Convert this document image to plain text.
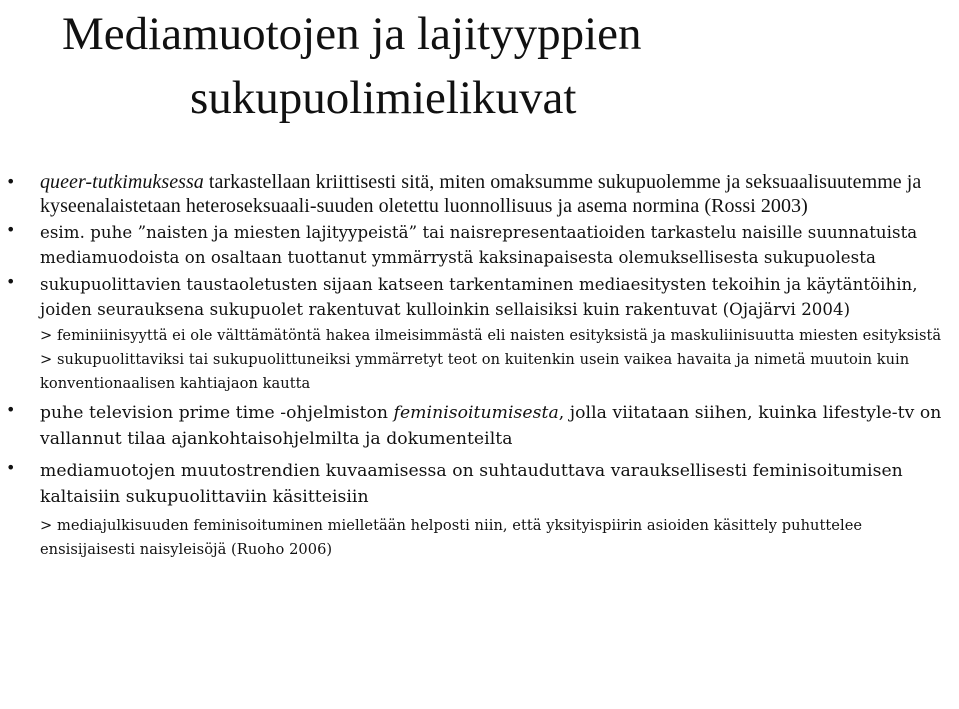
Mediamuotojen ja lajityyppien
sukupuolimielikuvat
• queer-tutkimuksessa tarkastellaan kriittisesti sitä, miten omaksumme sukupuolemme ja seksuaalisuutemme ja kyseenalaistetaan heteroseksuaali-suuden oletettu luonnollisuus ja asema normina (Rossi 2003)
• esim. puhe ”naisten ja miesten lajityypeistä” tai naisrepresentaatioiden tarkastelu naisille suunnatuista mediamuodoista on osaltaan tuottanut ymmärrystä kaksinapaisesta olemuksellisesta sukupuolesta
• sukupuolittavien taustaoletusten sijaan katseen tarkentaminen mediaesitysten tekoihin ja käytäntöihin, joiden seurauksena sukupuolet rakentuvat kulloinkin sellaisiksi kuin rakentuvat (Ojajärvi 2004)
> feminiinisyyttä ei ole välttämätöntä hakea ilmeisimmästä eli naisten esityksistä ja maskuliinisuutta miesten esityksistä
> sukupuolittaviksi tai sukupuolittuneiksi ymmärretyt teot on kuitenkin usein vaikea havaita ja nimetä muutoin kuin konventionaalisen kahtiajaon kautta
• puhe television prime time -ohjelmiston feminisoitumisesta, jolla viitataan siihen, kuinka lifestyle-tv on vallannut tilaa ajankohtaisohjelmilta ja dokumenteilta
• mediamuotojen muutostrendien kuvaamisessa on suhtauduttava varauksellisesti feminisoitumisen kaltaisiin sukupuolittaviin käsitteisiin
> mediajulkisuuden feminisoituminen mielletään helposti niin, että yksityispiirin asioiden käsittely puhuttelee ensisijaisesti naisyleisöjä (Ruoho 2006)
